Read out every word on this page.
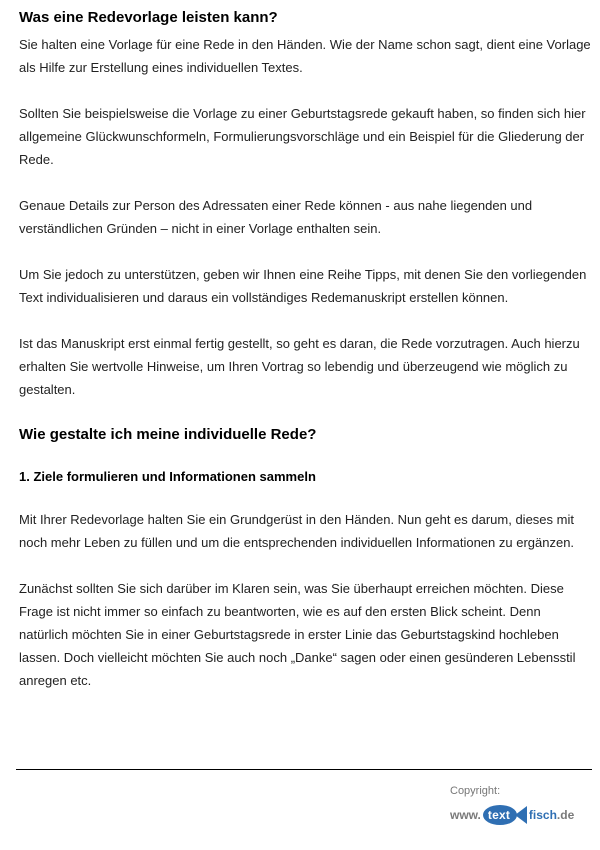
Was eine Redevorlage leisten kann?

Sie halten eine Vorlage für eine Rede in den Händen. Wie der Name schon sagt, dient eine Vorlage als Hilfe zur Erstellung eines individuellen Textes.

Sollten Sie beispielsweise die Vorlage zu einer Geburtstagsrede gekauft haben, so finden sich hier allgemeine Glückwunschformeln, Formulierungsvorschläge und ein Beispiel für die Gliederung der Rede.

Genaue Details zur Person des Adressaten einer Rede können - aus nahe liegenden und verständlichen Gründen – nicht in einer Vorlage enthalten sein.

Um Sie jedoch zu unterstützen, geben wir Ihnen eine Reihe Tipps, mit denen Sie den vorliegenden Text individualisieren und daraus ein vollständiges Redemanuskript erstellen können.

Ist das Manuskript erst einmal fertig gestellt, so geht es daran, die Rede vorzutragen. Auch hierzu erhalten Sie wertvolle Hinweise, um Ihren Vortrag so lebendig und überzeugend wie möglich zu gestalten.

Wie gestalte ich meine individuelle Rede?
1. Ziele formulieren und Informationen sammeln

Mit Ihrer Redevorlage halten Sie ein Grundgerüst in den Händen. Nun geht es darum, dieses mit noch mehr Leben zu füllen und um die entsprechenden individuellen Informationen zu ergänzen.

Zunächst sollten Sie sich darüber im Klaren sein, was Sie überhaupt erreichen möchten. Diese Frage ist nicht immer so einfach zu beantworten, wie es auf den ersten Blick scheint. Denn natürlich möchten Sie in einer Geburtstagsrede in erster Linie das Geburtstagskind hochleben lassen. Doch vielleicht möchten Sie auch noch „Danke“ sagen oder einen gesünderen Lebensstil anregen etc.

Copyright:
www. text fisch .de
